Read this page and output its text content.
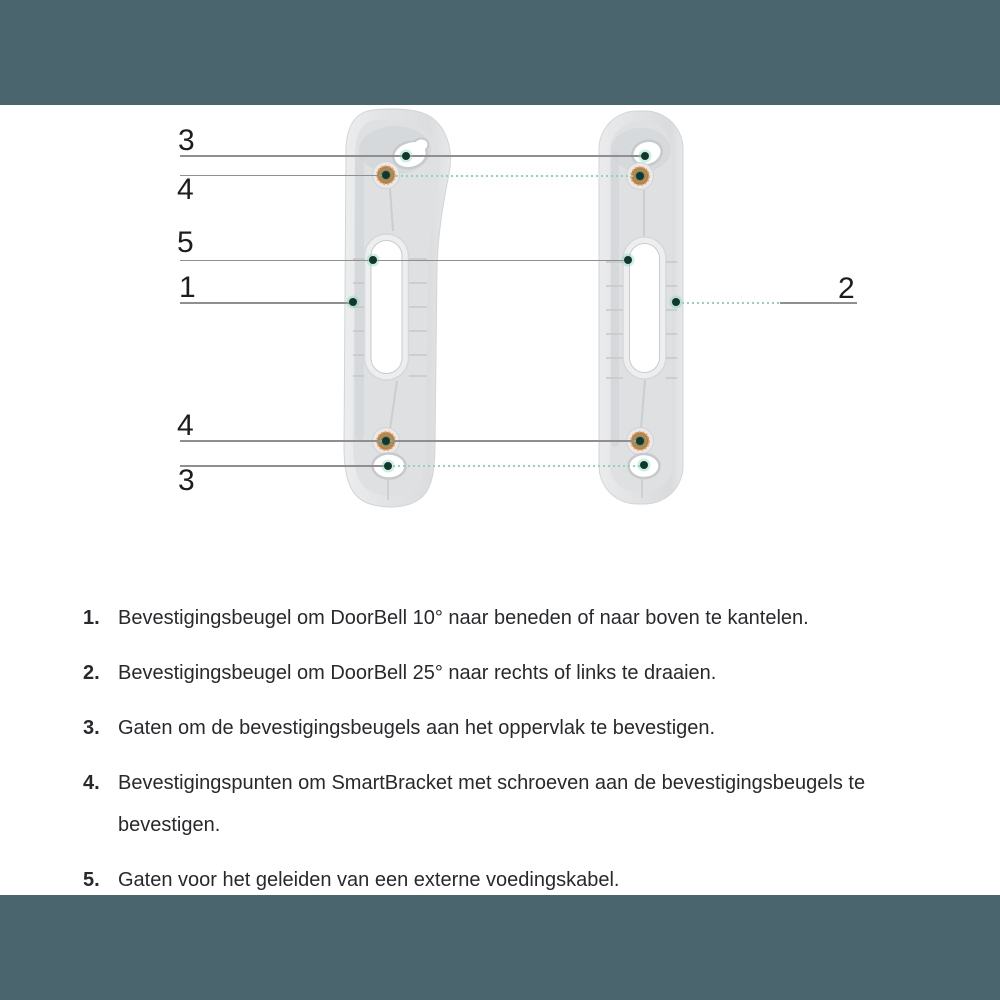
3
4
5
1	2
4
3
1. Bevestigingsbeugel om DoorBell 10° naar beneden of naar boven te kantelen.
2. Bevestigingsbeugel om DoorBell 25° naar rechts of links te draaien.
3. Gaten om de bevestigingsbeugels aan het oppervlak te bevestigen.
4. Bevestigingspunten om SmartBracket met schroeven aan de bevestigingsbeugels te bevestigen.
5. Gaten voor het geleiden van een externe voedingskabel.
